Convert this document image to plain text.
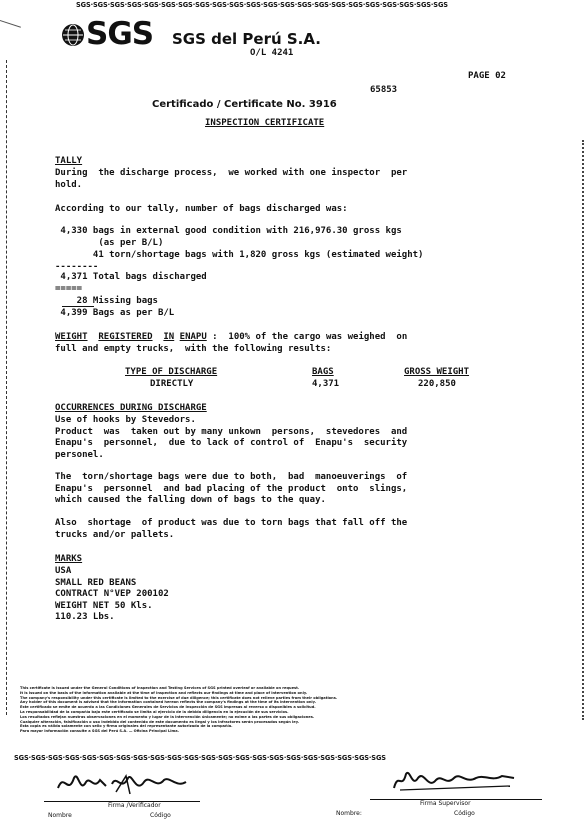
SGS·SGS·SGS·SGS·SGS·SGS·SGS·SGS·SGS·SGS·SGS·SGS·SGS·SGS·SGS·SGS·SGS·SGS·SGS·SGS·SGS·SGS
SGS SGS del Perú S.A.
O/L 4241
PAGE 02
65853
Certificado / Certificate No. 3916
INSPECTION CERTIFICATE
TALLY
During  the discharge process,  we worked with one inspector  per
hold.
According to our tally, number of bags discharged was:
4,330 bags in external good condition with 216,976.30 gross kgs
(as per B/L)
41 torn/shortage bags with 1,820 gross kgs (estimated weight)
--------
4,371 Total bags discharged
=====
28 Missing bags
4,399 Bags as per B/L
WEIGHT REGISTERED IN ENAPU :  100% of the cargo was weighed  on
full and empty trucks,  with the following results:
TYPE OF DISCHARGE	BAGS	GROSS WEIGHT
DIRECTLY	4,371	220,850
OCCURRENCES DURING DISCHARGE
Use of hooks by Stevedors.
Product  was  taken out by many unkown  persons,  stevedores  and
Enapu's  personnel,  due to lack of control of  Enapu's  security
personel.
The  torn/shortage bags were due to both,  bad  manoeuverings  of
Enapu's  personnel  and bad placing of the product  onto  slings,
which caused the falling down of bags to the quay.
Also  shortage  of product was due to torn bags that fall off the
trucks and/or pallets.
MARKS
USA
SMALL RED BEANS
CONTRACT N°VEP 200102
WEIGHT NET 50 Kls.
110.23 Lbs.
This certificate is issued under the General Conditions of Inspection and Testing Services of SGS printed overleaf or available on request.
It is issued on the basis of the information available at the time of inspection and reflects our findings at time and place of intervention only.
The company's responsibility under this certificate is limited to the exercise of due diligence; this certificate does not relieve parties from their obligations.
Any holder of this document is advised that the information contained hereon reflects the company's findings at the time of its intervention only.
Este certificado se emite de acuerdo a las Condiciones Generales de Servicios de Inspección de SGS impresas al reverso o disponibles a solicitud.
La responsabilidad de la compañía bajo este certificado se limita al ejercicio de la debida diligencia en la ejecución de sus servicios.
Los resultados reflejan nuestras observaciones en el momento y lugar de la intervención únicamente; no exime a las partes de sus obligaciones.
Cualquier alteración, falsificación o uso indebido del contenido de este documento es ilegal y los infractores serán procesados según ley.
Esta copia es válida solamente con sello y firma originales del representante autorizado de la compañía.
Para mayor información consulte a SGS del Perú S.A. — Oficina Principal Lima.
SGS·SGS·SGS·SGS·SGS·SGS·SGS·SGS·SGS·SGS·SGS·SGS·SGS·SGS·SGS·SGS·SGS·SGS·SGS·SGS·SGS·SGS
Firma /Verificador	Firma Supervisor
Nombre	Código	Nombre:	Código
